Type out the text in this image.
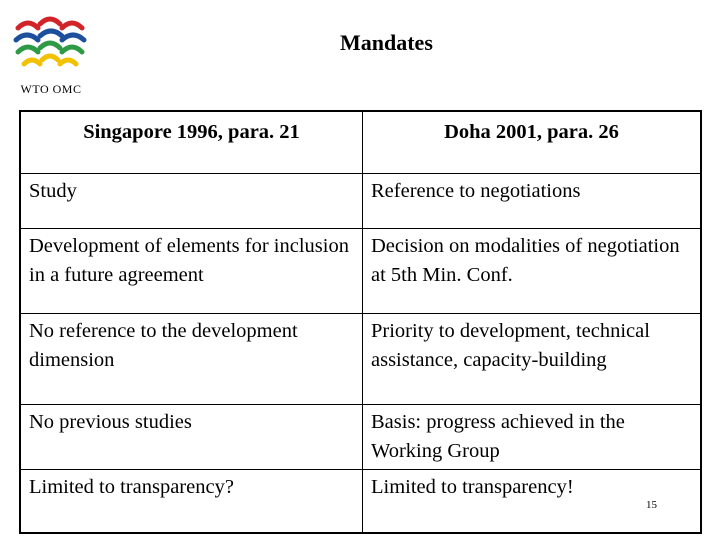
WTO OMC
Mandates
Singapore 1996, para. 21	Doha 2001, para. 26
Study	Reference to negotiations
Development of elements for inclusion in a future agreement	Decision on modalities of negotiation at 5th Min. Conf.
No reference to the development dimension	Priority to development, technical assistance, capacity-building
No previous studies	Basis: progress achieved in the Working Group
Limited to transparency?	Limited to transparency!
15
